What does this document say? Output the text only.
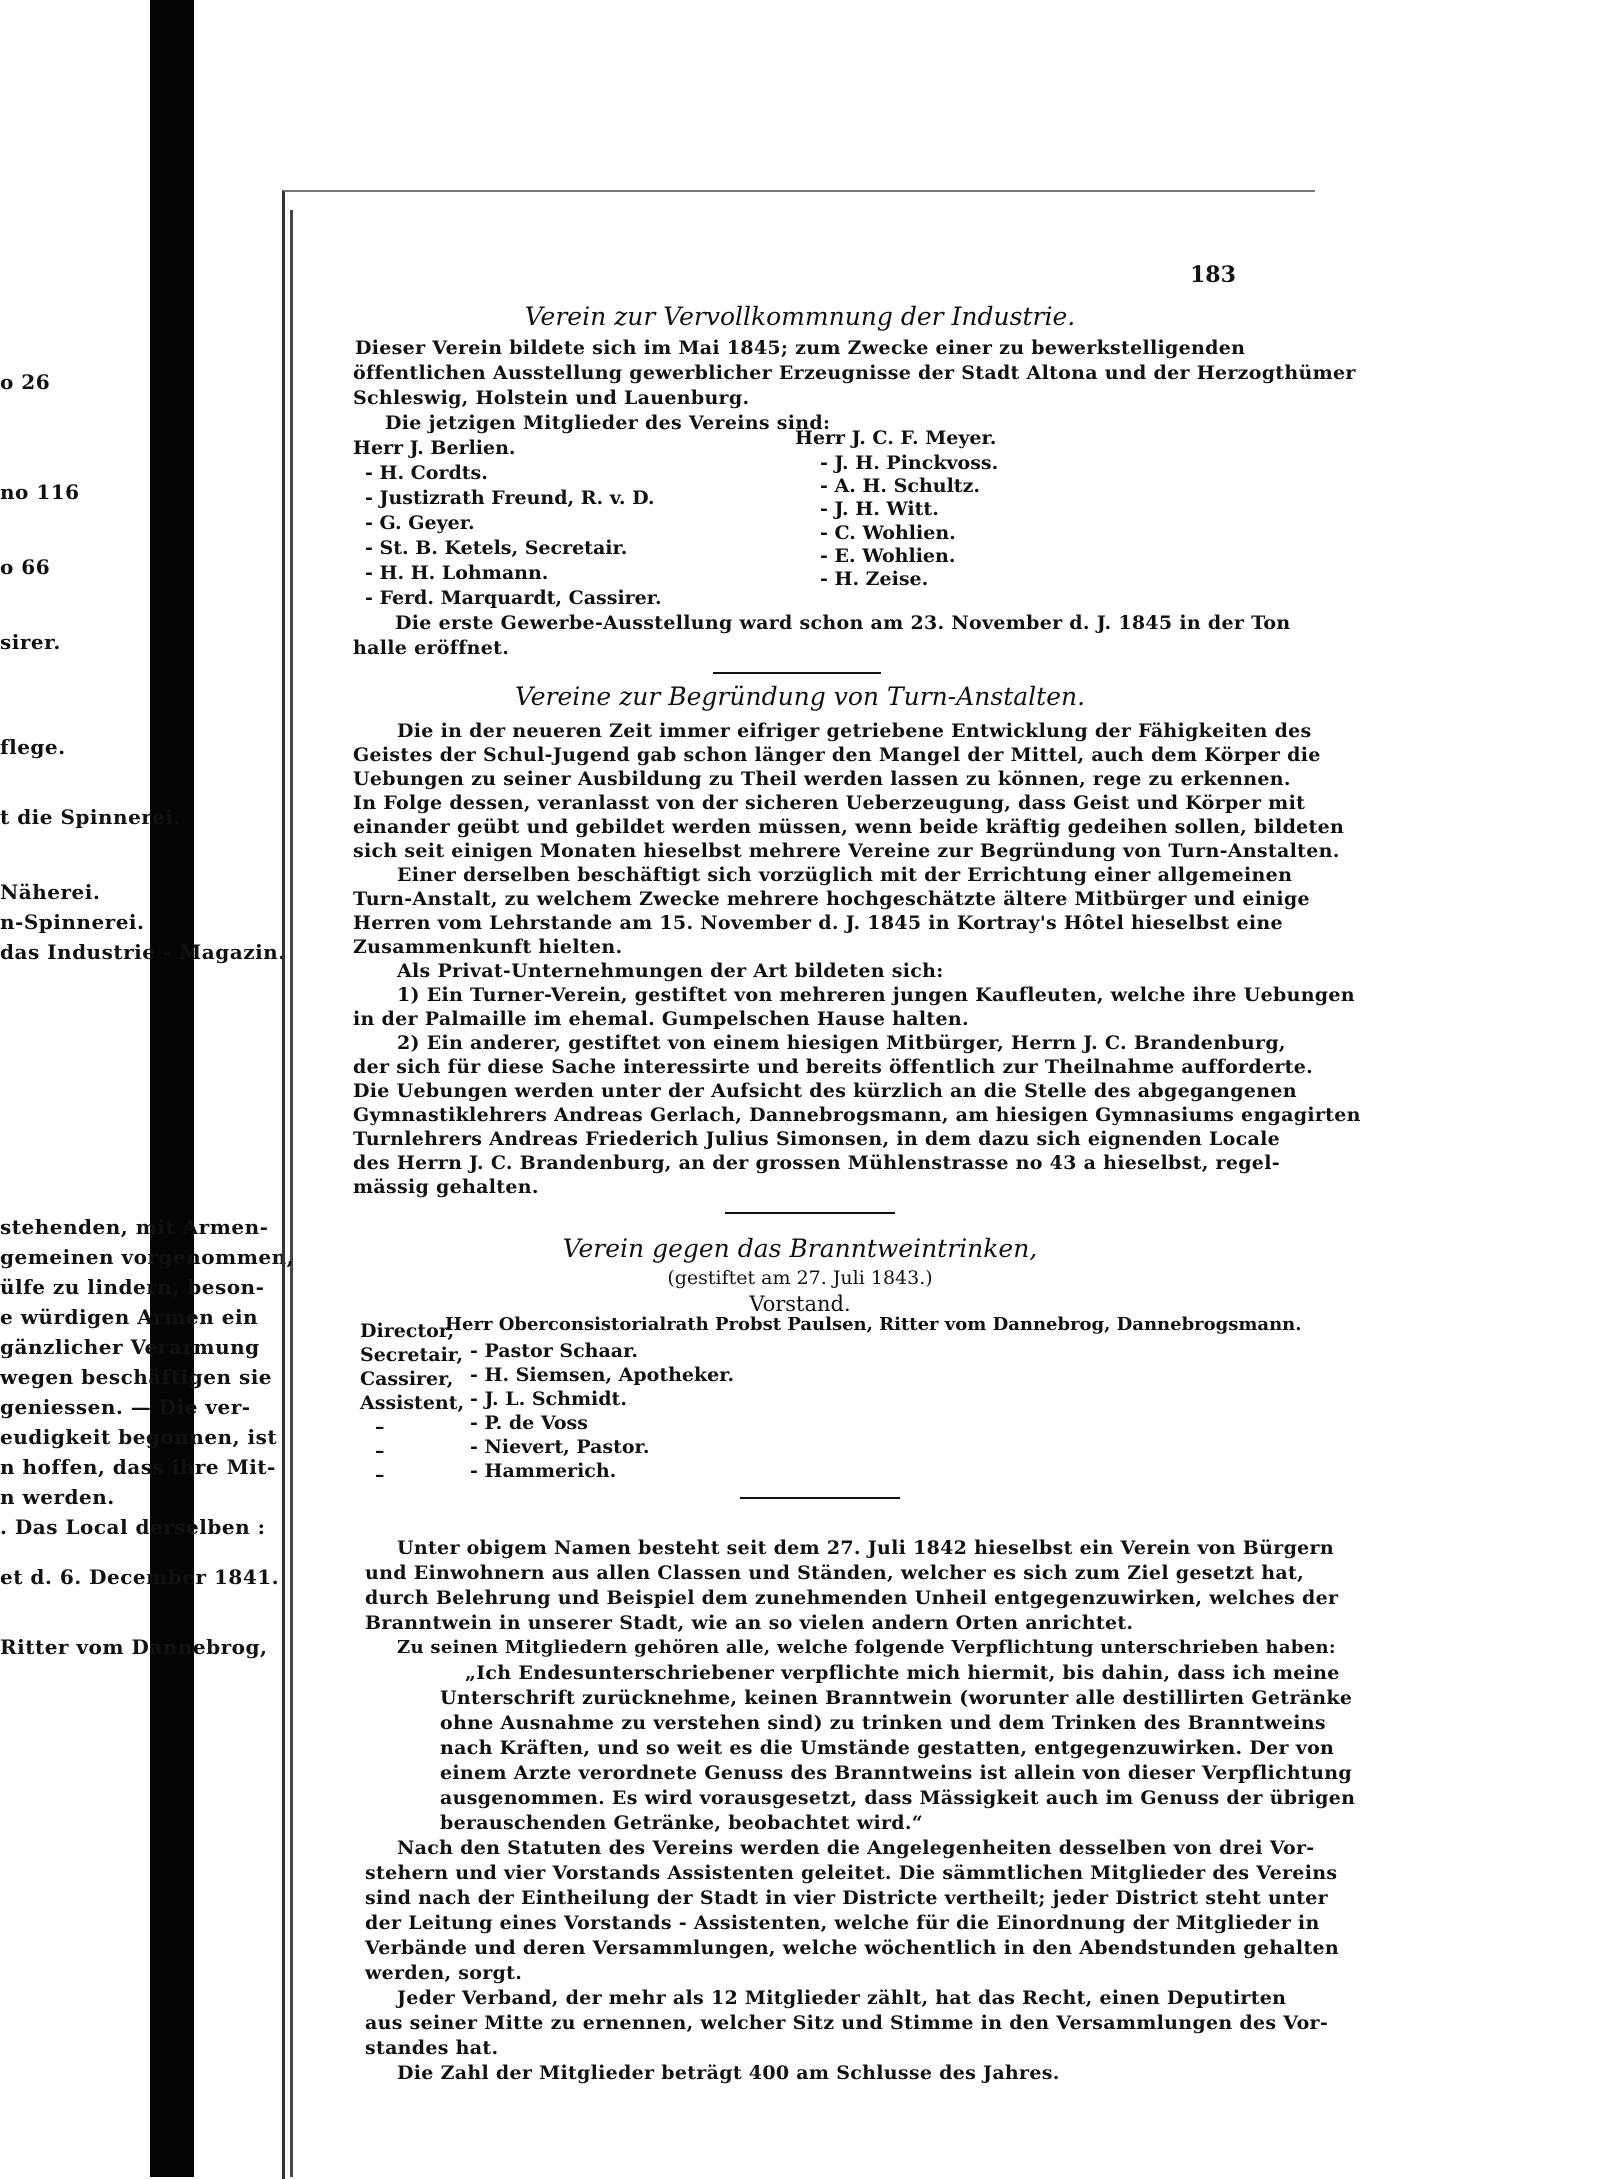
o 26
no 116
o 66
sirer.
flege.
t die Spinnerei.
Näherei.
n-Spinnerei.
das Industrie - Magazin.
stehenden, mit Armen-
gemeinen vorgenommen,
ülfe zu lindern, beson-
e würdigen Armen ein
gänzlicher Verarmung
wegen beschäftigen sie
geniessen. — Die ver-
eudigkeit begonnen, ist
n hoffen, dass ihre Mit-
n werden.
. Das Local derselben :
et d. 6. December 1841.
Ritter vom Dannebrog,
183
Verein zur Vervollkommnung der Industrie.
Dieser Verein bildete sich im Mai 1845; zum Zwecke einer zu bewerkstelligenden
öffentlichen Ausstellung gewerblicher Erzeugnisse der Stadt Altona und der Herzogthümer
Schleswig, Holstein und Lauenburg.
Die jetzigen Mitglieder des Vereins sind:
Herr J. Berlien.
- H. Cordts.
- Justizrath Freund, R. v. D.
- G. Geyer.
- St. B. Ketels, Secretair.
- H. H. Lohmann.
- Ferd. Marquardt, Cassirer.
Herr J. C. F. Meyer.
- J. H. Pinckvoss.
- A. H. Schultz.
- J. H. Witt.
- C. Wohlien.
- E. Wohlien.
- H. Zeise.
Die erste Gewerbe-Ausstellung ward schon am 23. November d. J. 1845 in der Ton
halle eröffnet.
Vereine zur Begründung von Turn-Anstalten.
Die in der neueren Zeit immer eifriger getriebene Entwicklung der Fähigkeiten des
Geistes der Schul-Jugend gab schon länger den Mangel der Mittel, auch dem Körper die
Uebungen zu seiner Ausbildung zu Theil werden lassen zu können, rege zu erkennen.
In Folge dessen, veranlasst von der sicheren Ueberzeugung, dass Geist und Körper mit
einander geübt und gebildet werden müssen, wenn beide kräftig gedeihen sollen, bildeten
sich seit einigen Monaten hieselbst mehrere Vereine zur Begründung von Turn-Anstalten.
Einer derselben beschäftigt sich vorzüglich mit der Errichtung einer allgemeinen
Turn-Anstalt, zu welchem Zwecke mehrere hochgeschätzte ältere Mitbürger und einige
Herren vom Lehrstande am 15. November d. J. 1845 in Kortray's Hôtel hieselbst eine
Zusammenkunft hielten.
Als Privat-Unternehmungen der Art bildeten sich:
1) Ein Turner-Verein, gestiftet von mehreren jungen Kaufleuten, welche ihre Uebungen
in der Palmaille im ehemal. Gumpelschen Hause halten.
2) Ein anderer, gestiftet von einem hiesigen Mitbürger, Herrn J. C. Brandenburg,
der sich für diese Sache interessirte und bereits öffentlich zur Theilnahme aufforderte.
Die Uebungen werden unter der Aufsicht des kürzlich an die Stelle des abgegangenen
Gymnastiklehrers Andreas Gerlach, Dannebrogsmann, am hiesigen Gymnasiums engagirten
Turnlehrers Andreas Friederich Julius Simonsen, in dem dazu sich eignenden Locale
des Herrn J. C. Brandenburg, an der grossen Mühlenstrasse no 43 a hieselbst, regel-
mässig gehalten.
Verein gegen das Branntweintrinken,
(gestiftet am 27. Juli 1843.)
Vorstand.
Director,
Secretair,
Cassirer,
Assistent,
–
–
–
Herr Oberconsistorialrath Probst Paulsen, Ritter vom Dannebrog, Dannebrogsmann.
- Pastor Schaar.
- H. Siemsen, Apotheker.
- J. L. Schmidt.
- P. de Voss
- Nievert, Pastor.
- Hammerich.
Unter obigem Namen besteht seit dem 27. Juli 1842 hieselbst ein Verein von Bürgern
und Einwohnern aus allen Classen und Ständen, welcher es sich zum Ziel gesetzt hat,
durch Belehrung und Beispiel dem zunehmenden Unheil entgegenzuwirken, welches der
Branntwein in unserer Stadt, wie an so vielen andern Orten anrichtet.
Zu seinen Mitgliedern gehören alle, welche folgende Verpflichtung unterschrieben haben:
„Ich Endesunterschriebener verpflichte mich hiermit, bis dahin, dass ich meine
Unterschrift zurücknehme, keinen Branntwein (worunter alle destillirten Getränke
ohne Ausnahme zu verstehen sind) zu trinken und dem Trinken des Branntweins
nach Kräften, und so weit es die Umstände gestatten, entgegenzuwirken. Der von
einem Arzte verordnete Genuss des Branntweins ist allein von dieser Verpflichtung
ausgenommen. Es wird vorausgesetzt, dass Mässigkeit auch im Genuss der übrigen
berauschenden Getränke, beobachtet wird.“
Nach den Statuten des Vereins werden die Angelegenheiten desselben von drei Vor-
stehern und vier Vorstands Assistenten geleitet. Die sämmtlichen Mitglieder des Vereins
sind nach der Eintheilung der Stadt in vier Districte vertheilt; jeder District steht unter
der Leitung eines Vorstands - Assistenten, welche für die Einordnung der Mitglieder in
Verbände und deren Versammlungen, welche wöchentlich in den Abendstunden gehalten
werden, sorgt.
Jeder Verband, der mehr als 12 Mitglieder zählt, hat das Recht, einen Deputirten
aus seiner Mitte zu ernennen, welcher Sitz und Stimme in den Versammlungen des Vor-
standes hat.
Die Zahl der Mitglieder beträgt 400 am Schlusse des Jahres.
